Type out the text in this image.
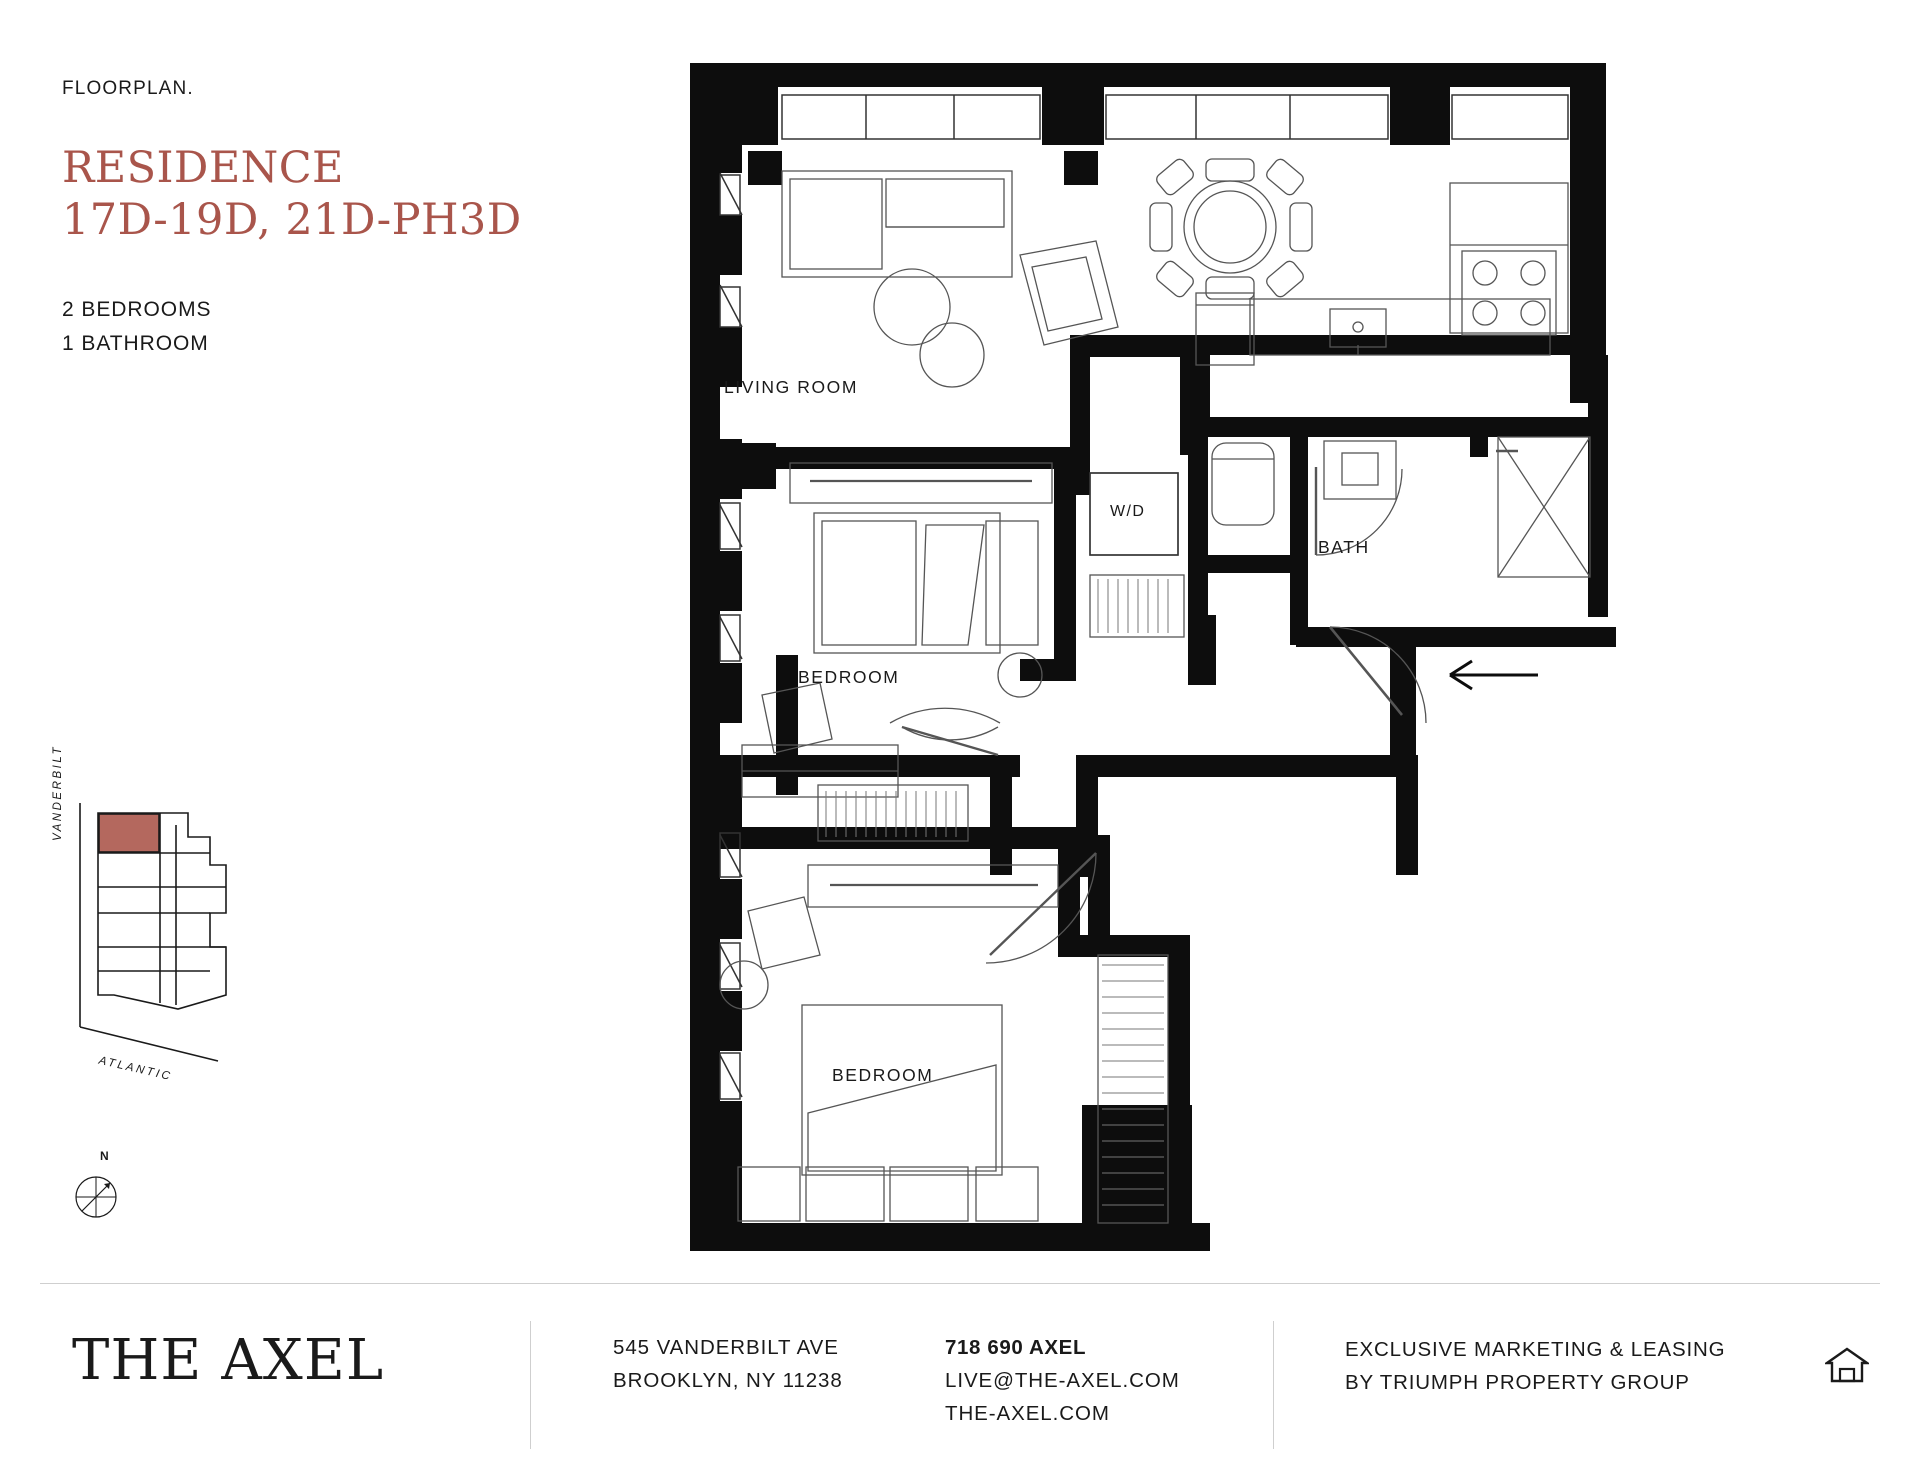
FLOORPLAN.
RESIDENCE
17D-19D, 21D-PH3D
2 BEDROOMS
1 BATHROOM
VANDERBILT
ATLANTIC
N
LIVING ROOM
BEDROOM
BEDROOM
BATH
W/D
THE AXEL	545 VANDERBILT AVE
BROOKLYN, NY 11238
718 690 AXEL
LIVE@THE-AXEL.COM
THE-AXEL.COM
EXCLUSIVE MARKETING & LEASING
BY TRIUMPH PROPERTY GROUP
